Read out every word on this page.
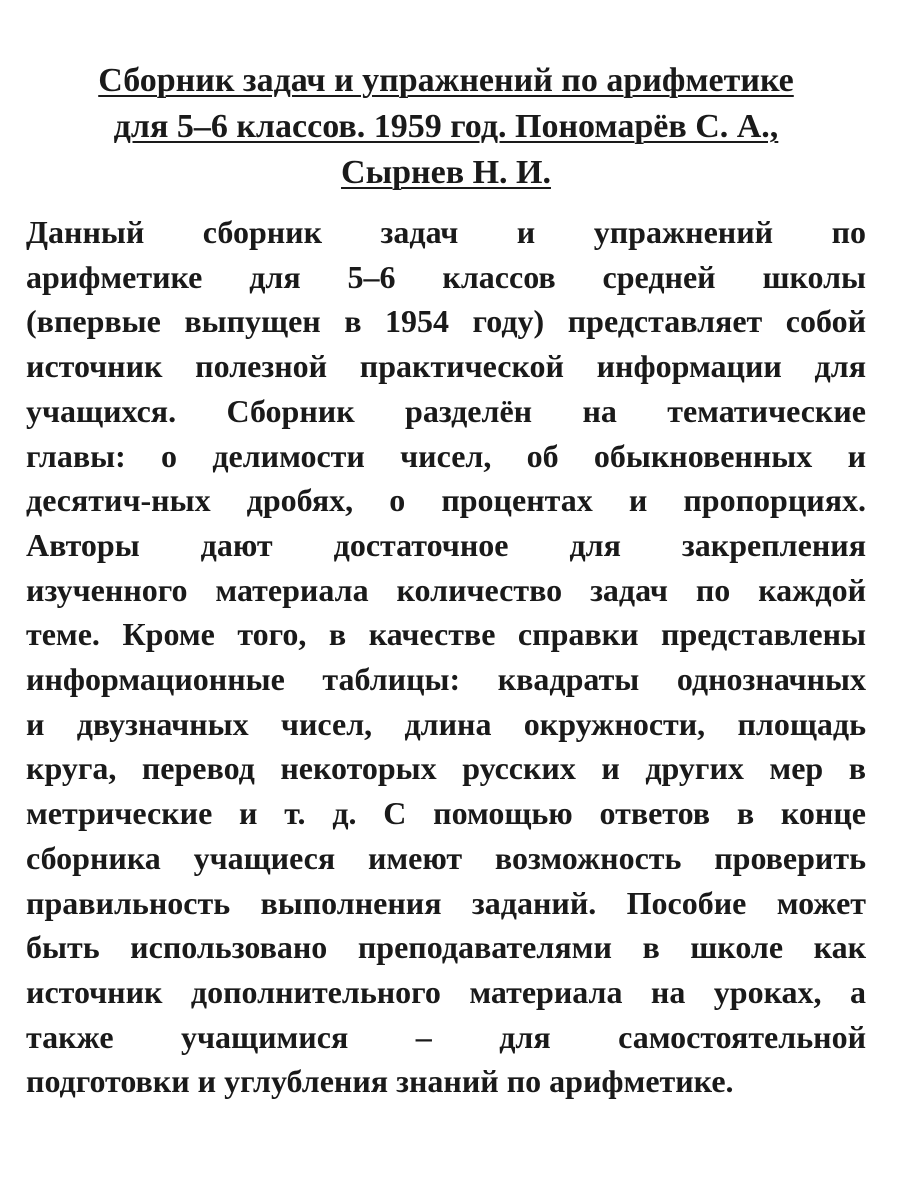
Сборник задач и упражнений по арифметике
для 5–6 классов. 1959 год. Пономарёв С. А.,
Сырнев Н. И.
Данный сборник задач и упражнений по
арифметике для 5–6 классов средней школы
(впервые выпущен в 1954 году) представляет собой
источник полезной практической информации для
учащихся. Сборник разделён на тематические
главы: о делимости чисел, об обыкновенных и
десятич-ных дробях, о процентах и пропорциях.
Авторы дают достаточное для закрепления
изученного материала количество задач по каждой
теме. Кроме того, в качестве справки представлены
информационные таблицы: квадраты однозначных
и двузначных чисел, длина окружности, площадь
круга, перевод некоторых русских и других мер в
метрические и т. д. С помощью ответов в конце
сборника учащиеся имеют возможность проверить
правильность выполнения заданий. Пособие может
быть использовано преподавателями в школе как
источник дополнительного материала на уроках, а
также учащимися – для самостоятельной
подготовки и углубления знаний по арифметике.
